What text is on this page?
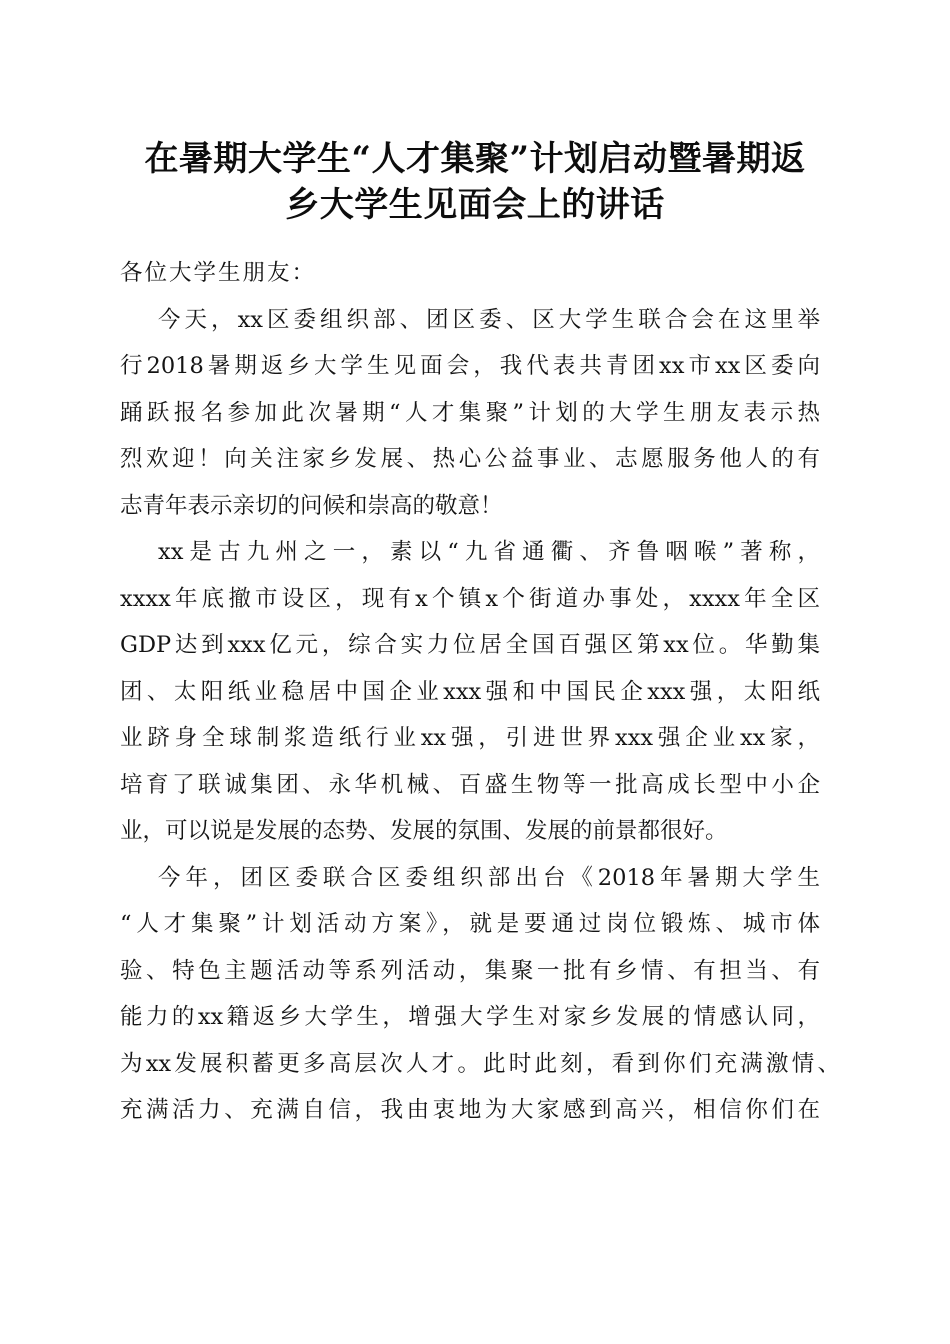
在暑期大学生“人才集聚”计划启动暨暑期返
乡大学生见面会上的讲话
各位大学生朋友：
今天，xx区委组织部、团区委、区大学生联合会在这里举
行2018暑期返乡大学生见面会，我代表共青团xx市xx区委向
踊跃报名参加此次暑期“人才集聚”计划的大学生朋友表示热
烈欢迎！向关注家乡发展、热心公益事业、志愿服务他人的有
志青年表示亲切的问候和崇高的敬意！
xx是古九州之一，素以“九省通衢、齐鲁咽喉”著称，
xxxx年底撤市设区，现有x个镇x个街道办事处，xxxx年全区
GDP达到xxx亿元，综合实力位居全国百强区第xx位。华勤集
团、太阳纸业稳居中国企业xxx强和中国民企xxx强，太阳纸
业跻身全球制浆造纸行业xx强，引进世界xxx强企业xx家，
培育了联诚集团、永华机械、百盛生物等一批高成长型中小企
业，可以说是发展的态势、发展的氛围、发展的前景都很好。
今年，团区委联合区委组织部出台《2018年暑期大学生
“人才集聚”计划活动方案》，就是要通过岗位锻炼、城市体
验、特色主题活动等系列活动，集聚一批有乡情、有担当、有
能力的xx籍返乡大学生，增强大学生对家乡发展的情感认同，
为xx发展积蓄更多高层次人才。此时此刻，看到你们充满激情、
充满活力、充满自信，我由衷地为大家感到高兴，相信你们在
